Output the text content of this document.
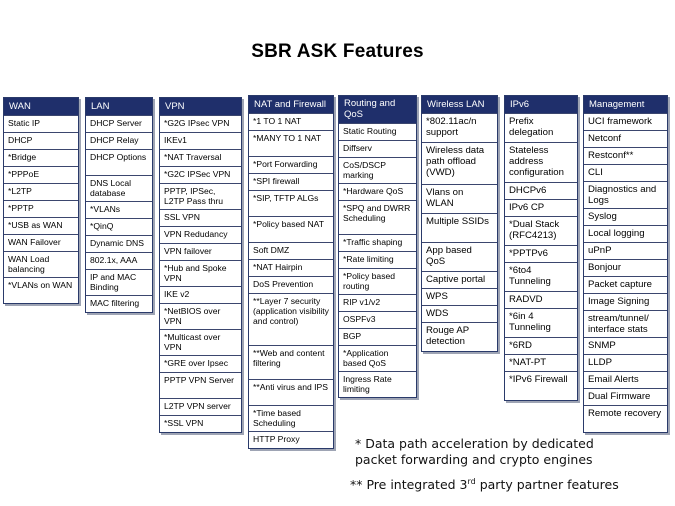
SBR ASK Features
WAN
Static IP
DHCP
*Bridge
*PPPoE
*L2TP
*PPTP
*USB as WAN
WAN Failover
WAN Load balancing
*VLANs on WAN
LAN
DHCP Server
DHCP Relay
DHCP Options
DNS Local database
*VLANs
*QinQ
Dynamic DNS
802.1x, AAA
IP and MAC Binding
MAC filtering
VPN
*G2G IPsec VPN
IKEv1
*NAT Traversal
*G2C IPSec VPN
PPTP, IPSec, L2TP Pass thru
SSL VPN
VPN Redudancy
VPN failover
*Hub and Spoke VPN
IKE v2
*NetBIOS over VPN
*Multicast over VPN
*GRE over Ipsec
PPTP VPN Server
L2TP VPN server
*SSL VPN
NAT and Firewall
*1 TO 1 NAT
*MANY TO 1 NAT
*Port Forwarding
*SPI firewall
*SIP, TFTP ALGs
*Policy based NAT
Soft DMZ
*NAT Hairpin
DoS Prevention
**Layer 7 security (application visibility and control)
**Web and content filtering
**Anti virus and IPS
*Time based Scheduling
HTTP Proxy
Routing and QoS
Static Routing
Diffserv
CoS/DSCP marking
*Hardware QoS
*SPQ and DWRR Scheduling
*Traffic shaping
*Rate limiting
*Policy based routing
RIP v1/v2
OSPFv3
BGP
*Application based QoS
Ingress Rate limiting
Wireless LAN
*802.11ac/n support
Wireless data path offload (VWD)
Vlans on WLAN
Multiple SSIDs
App based QoS
Captive portal
WPS
WDS
Rouge AP detection
IPv6
Prefix delegation
Stateless address configuration
DHCPv6
IPv6 CP
*Dual Stack (RFC4213)
*PPTPv6
*6to4 Tunneling
RADVD
*6in 4 Tunneling
*6RD
*NAT-PT
*IPv6 Firewall
Management
UCI framework
Netconf
Restconf**
CLI
Diagnostics and Logs
Syslog
Local logging
uPnP
Bonjour
Packet capture
Image Signing
stream/tunnel/ interface stats
SNMP
LLDP
Email Alerts
Dual Firmware
Remote recovery
* Data path acceleration by dedicated
packet forwarding and crypto engines
** Pre integrated 3rd party partner features
